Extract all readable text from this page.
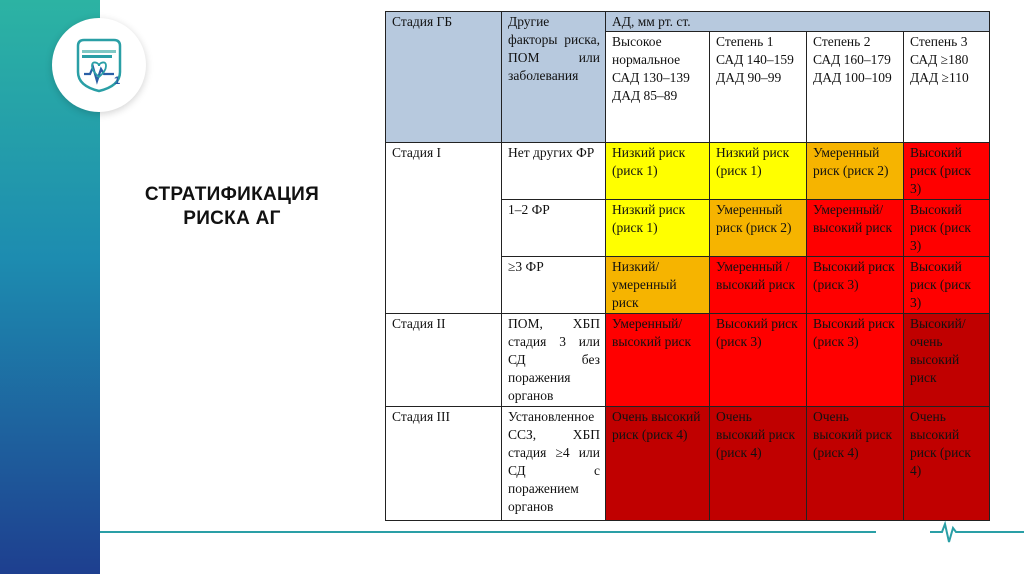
1
СТРАТИФИКАЦИЯ РИСКА АГ
Стадия ГБ	Другие факторы риска, ПОМ или заболевания	АД, мм рт. ст.			
		Высокое нормальное САД 130–139 ДАД 85–89	Степень 1 САД 140–159 ДАД 90–99	Степень 2 САД 160–179 ДАД 100–109	Степень 3 САД ≥180 ДАД ≥110
Стадия I	Нет других ФР	Низкий риск (риск 1)	Низкий риск (риск 1)	Умеренный риск (риск 2)	Высокий риск (риск 3)
	1–2 ФР	Низкий риск (риск 1)	Умеренный риск (риск 2)	Умеренный/ высокий риск	Высокий риск (риск 3)
	≥3 ФР	Низкий/ умеренный риск	Умеренный / высокий риск	Высокий риск (риск 3)	Высокий риск (риск 3)
Стадия II	ПОМ, ХБП стадия 3 или СД без поражения органов	Умеренный/ высокий риск	Высокий риск (риск 3)	Высокий риск (риск 3)	Высокий/ очень высокий риск
Стадия III	Установленное ССЗ, ХБП стадия ≥4 или СД с поражением органов	Очень высокий риск (риск 4)	Очень высокий риск (риск 4)	Очень высокий риск (риск 4)	Очень высокий риск (риск 4)
